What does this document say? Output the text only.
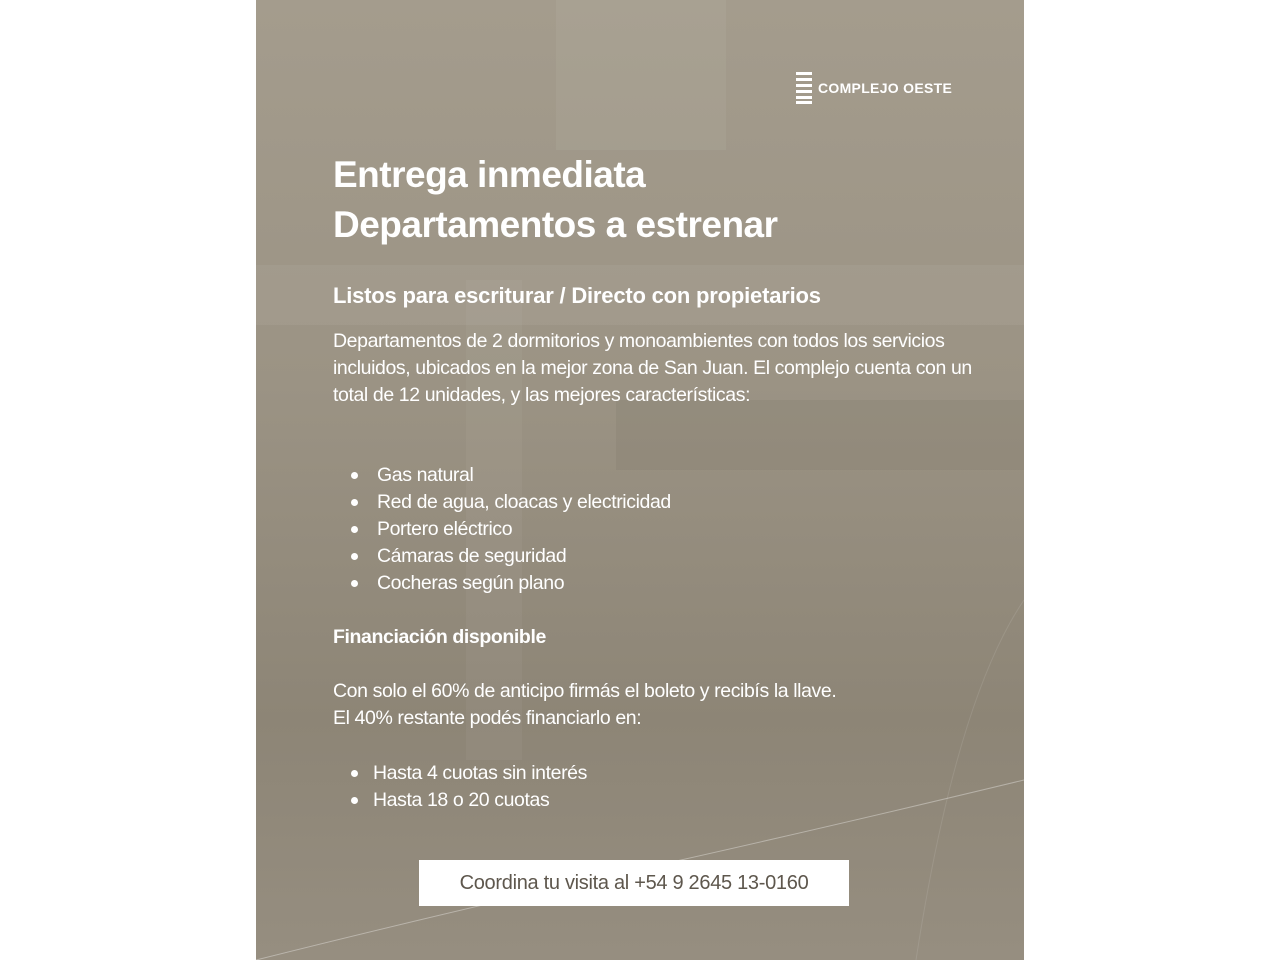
COMPLEJO OESTE
Entrega inmediata
Departamentos a estrenar
Listos para escriturar / Directo con propietarios

Departamentos de 2 dormitorios y monoambientes con todos los servicios incluidos, ubicados en la mejor zona de San Juan. El complejo cuenta con un total de 12 unidades, y las mejores características:

Gas natural
Red de agua, cloacas y electricidad
Portero eléctrico
Cámaras de seguridad
Cocheras según plano
Financiación disponible

Con solo el 60% de anticipo firmás el boleto y recibís la llave.
El 40% restante podés financiarlo en:

Hasta 4 cuotas sin interés
Hasta 18 o 20 cuotas
Coordina tu visita al +54 9 2645 13-0160
